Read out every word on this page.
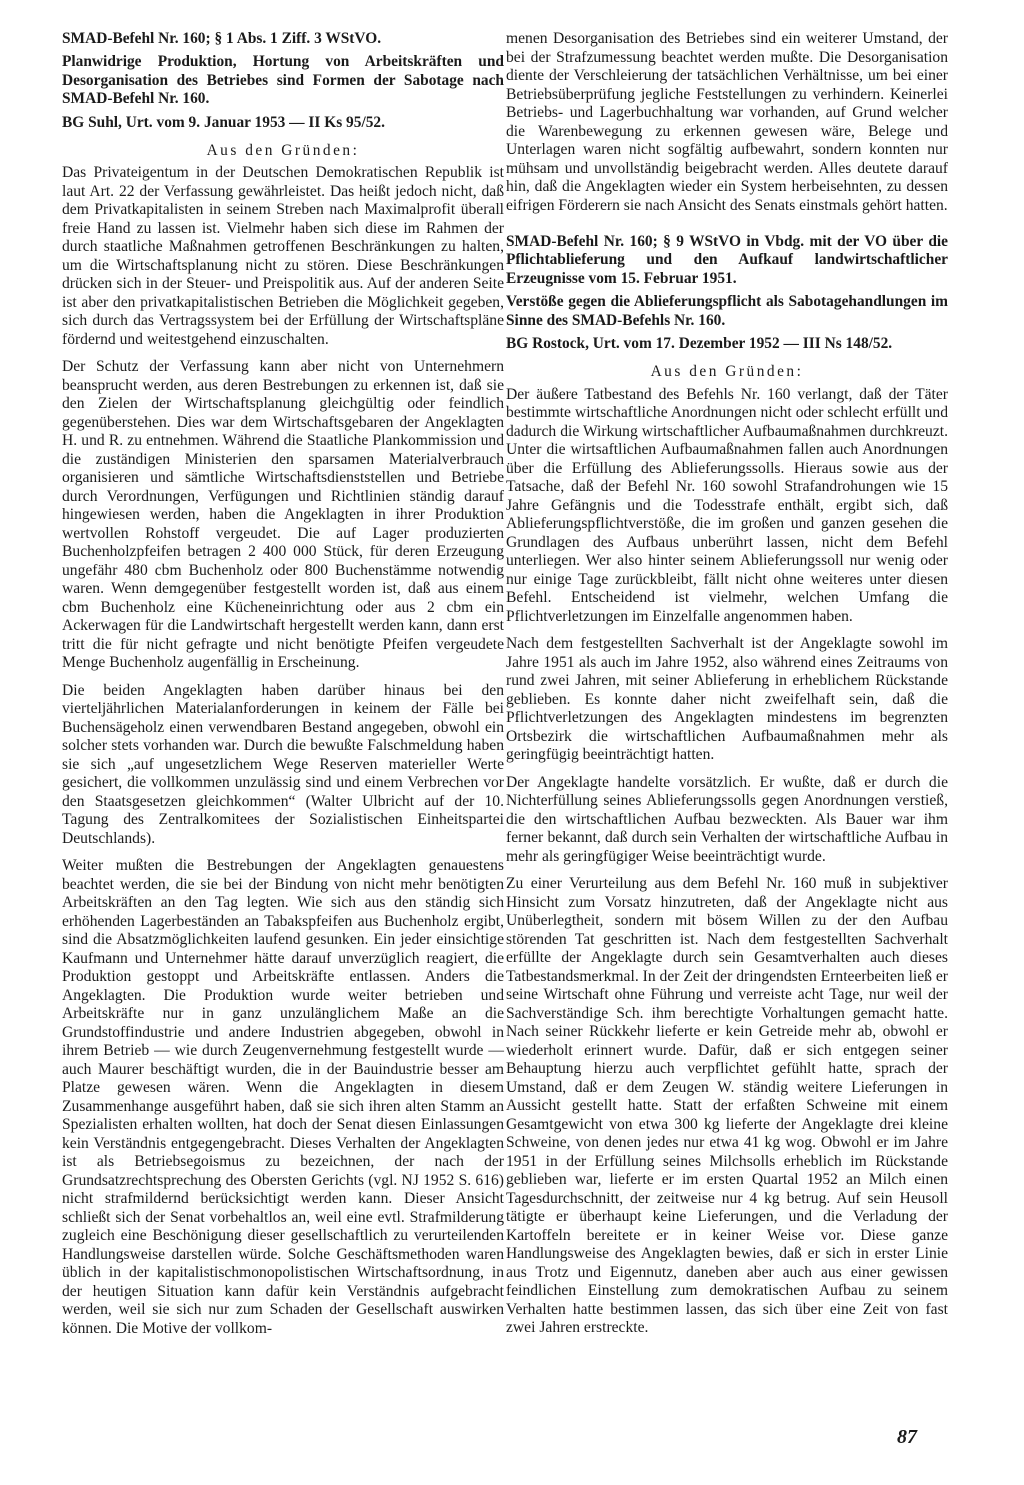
SMAD-Befehl Nr. 160; § 1 Abs. 1 Ziff. 3 WStVO.
Planwidrige Produktion, Hortung von Arbeitskräften und Desorganisation des Betriebes sind Formen der Sabotage nach SMAD-Befehl Nr. 160.
BG Suhl, Urt. vom 9. Januar 1953 — II Ks 95/52.
Aus den Gründen:

Das Privateigentum in der Deutschen Demokratischen Republik ist laut Art. 22 der Verfassung gewährleistet. Das heißt jedoch nicht, daß dem Privatkapitalisten in seinem Streben nach Maximalprofit überall freie Hand zu lassen ist. Vielmehr haben sich diese im Rahmen der durch staatliche Maßnahmen getroffenen Beschränkungen zu halten, um die Wirtschaftsplanung nicht zu stören. Diese Beschränkungen drücken sich in der Steuer- und Preispolitik aus. Auf der anderen Seite ist aber den privatkapitalistischen Betrieben die Möglichkeit gegeben, sich durch das Vertragssystem bei der Erfüllung der Wirtschaftspläne fördernd und weitestgehend einzuschalten.

Der Schutz der Verfassung kann aber nicht von Unternehmern beansprucht werden, aus deren Bestrebungen zu erkennen ist, daß sie den Zielen der Wirtschaftsplanung gleichgültig oder feindlich gegenüberstehen. Dies war dem Wirtschaftsgebaren der Angeklagten H. und R. zu entnehmen. Während die Staatliche Plankommission und die zuständigen Ministerien den sparsamen Materialverbrauch organisieren und sämtliche Wirtschaftsdienststellen und Betriebe durch Verordnungen, Verfügungen und Richtlinien ständig darauf hingewiesen werden, haben die Angeklagten in ihrer Produktion wertvollen Rohstoff vergeudet. Die auf Lager produzierten Buchenholzpfeifen betragen 2 400 000 Stück, für deren Erzeugung ungefähr 480 cbm Buchenholz oder 800 Buchenstämme notwendig waren. Wenn demgegenüber festgestellt worden ist, daß aus einem cbm Buchenholz eine Kücheneinrichtung oder aus 2 cbm ein Ackerwagen für die Landwirtschaft hergestellt werden kann, dann erst tritt die für nicht gefragte und nicht benötigte Pfeifen vergeudete Menge Buchenholz augenfällig in Erscheinung.

Die beiden Angeklagten haben darüber hinaus bei den vierteljährlichen Materialanforderungen in keinem der Fälle bei Buchensägeholz einen verwendbaren Bestand angegeben, obwohl ein solcher stets vorhanden war. Durch die bewußte Falschmeldung haben sie sich „auf ungesetzlichem Wege Reserven materieller Werte gesichert, die vollkommen unzulässig sind und einem Verbrechen vor den Staatsgesetzen gleichkommen“ (Walter Ulbricht auf der 10. Tagung des Zentralkomitees der Sozialistischen Einheitspartei Deutschlands).

Weiter mußten die Bestrebungen der Angeklagten genauestens beachtet werden, die sie bei der Bindung von nicht mehr benötigten Arbeitskräften an den Tag legten. Wie sich aus den ständig sich erhöhenden Lagerbeständen an Tabakspfeifen aus Buchenholz ergibt, sind die Absatzmöglichkeiten laufend gesunken. Ein jeder einsichtige Kaufmann und Unternehmer hätte darauf unverzüglich reagiert, die Produktion gestoppt und Arbeitskräfte entlassen. Anders die Angeklagten. Die Produktion wurde weiter betrieben und Arbeitskräfte nur in ganz unzulänglichem Maße an die Grundstoffindustrie und andere Industrien abgegeben, obwohl in ihrem Betrieb — wie durch Zeugenvernehmung festgestellt wurde — auch Maurer beschäftigt wurden, die in der Bauindustrie besser am Platze gewesen wären. Wenn die Angeklagten in diesem Zusammenhange ausgeführt haben, daß sie sich ihren alten Stamm an Spezialisten erhalten wollten, hat doch der Senat diesen Einlassungen kein Verständnis entgegengebracht. Dieses Verhalten der Angeklagten ist als Betriebsegoismus zu bezeichnen, der nach der Grundsatzrechtsprechung des Obersten Gerichts (vgl. NJ 1952 S. 616) nicht strafmildernd berücksichtigt werden kann. Dieser Ansicht schließt sich der Senat vorbehaltlos an, weil eine evtl. Strafmilderung zugleich eine Beschönigung dieser gesellschaftlich zu verurteilenden Handlungsweise darstellen würde. Solche Geschäftsmethoden waren üblich in der kapitalistischmonopolistischen Wirtschaftsordnung, in der heutigen Situation kann dafür kein Verständnis aufgebracht werden, weil sie sich nur zum Schaden der Gesellschaft auswirken können. Die Motive der vollkom-

menen Desorganisation des Betriebes sind ein weiterer Umstand, der bei der Strafzumessung beachtet werden mußte. Die Desorganisation diente der Verschleierung der tatsächlichen Verhältnisse, um bei einer Betriebsüberprüfung jegliche Feststellungen zu verhindern. Keinerlei Betriebs- und Lagerbuchhaltung war vorhanden, auf Grund welcher die Warenbewegung zu erkennen gewesen wäre, Belege und Unterlagen waren nicht sogfältig aufbewahrt, sondern konnten nur mühsam und unvollständig beigebracht werden. Alles deutete darauf hin, daß die Angeklagten wieder ein System herbeisehnten, zu dessen eifrigen Förderern sie nach Ansicht des Senats einstmals gehört hatten.

SMAD-Befehl Nr. 160; § 9 WStVO in Vbdg. mit der VO über die Pflichtablieferung und den Aufkauf landwirtschaftlicher Erzeugnisse vom 15. Februar 1951.
Verstöße gegen die Ablieferungspflicht als Sabotagehandlungen im Sinne des SMAD-Befehls Nr. 160.
BG Rostock, Urt. vom 17. Dezember 1952 — III Ns 148/52.
Aus den Gründen:

Der äußere Tatbestand des Befehls Nr. 160 verlangt, daß der Täter bestimmte wirtschaftliche Anordnungen nicht oder schlecht erfüllt und dadurch die Wirkung wirtschaftlicher Aufbaumaßnahmen durchkreuzt. Unter die wirtsaftlichen Aufbaumaßnahmen fallen auch Anordnungen über die Erfüllung des Ablieferungssolls. Hieraus sowie aus der Tatsache, daß der Befehl Nr. 160 sowohl Strafandrohungen wie 15 Jahre Gefängnis und die Todesstrafe enthält, ergibt sich, daß Ablieferungspflichtverstöße, die im großen und ganzen gesehen die Grundlagen des Aufbaus unberührt lassen, nicht dem Befehl unterliegen. Wer also hinter seinem Ablieferungssoll nur wenig oder nur einige Tage zurückbleibt, fällt nicht ohne weiteres unter diesen Befehl. Entscheidend ist vielmehr, welchen Umfang die Pflichtverletzungen im Einzelfalle angenommen haben.

Nach dem festgestellten Sachverhalt ist der Angeklagte sowohl im Jahre 1951 als auch im Jahre 1952, also während eines Zeitraums von rund zwei Jahren, mit seiner Ablieferung in erheblichem Rückstande geblieben. Es konnte daher nicht zweifelhaft sein, daß die Pflichtverletzungen des Angeklagten mindestens im begrenzten Ortsbezirk die wirtschaftlichen Aufbaumaßnahmen mehr als geringfügig beeinträchtigt hatten.

Der Angeklagte handelte vorsätzlich. Er wußte, daß er durch die Nichterfüllung seines Ablieferungssolls gegen Anordnungen verstieß, die den wirtschaftlichen Aufbau bezweckten. Als Bauer war ihm ferner bekannt, daß durch sein Verhalten der wirtschaftliche Aufbau in mehr als geringfügiger Weise beeinträchtigt wurde.

Zu einer Verurteilung aus dem Befehl Nr. 160 muß in subjektiver Hinsicht zum Vorsatz hinzutreten, daß der Angeklagte nicht aus Unüberlegtheit, sondern mit bösem Willen zu der den Aufbau störenden Tat geschritten ist. Nach dem festgestellten Sachverhalt erfüllte der Angeklagte durch sein Gesamtverhalten auch dieses Tatbestandsmerkmal. In der Zeit der dringendsten Ernteerbeiten ließ er seine Wirtschaft ohne Führung und verreiste acht Tage, nur weil der Sachverständige Sch. ihm berechtigte Vorhaltungen gemacht hatte. Nach seiner Rückkehr lieferte er kein Getreide mehr ab, obwohl er wiederholt erinnert wurde. Dafür, daß er sich entgegen seiner Behauptung hierzu auch verpflichtet gefühlt hatte, sprach der Umstand, daß er dem Zeugen W. ständig weitere Lieferungen in Aussicht gestellt hatte. Statt der erfaßten Schweine mit einem Gesamtgewicht von etwa 300 kg lieferte der Angeklagte drei kleine Schweine, von denen jedes nur etwa 41 kg wog. Obwohl er im Jahre 1951 in der Erfüllung seines Milchsolls erheblich im Rückstande geblieben war, lieferte er im ersten Quartal 1952 an Milch einen Tagesdurchschnitt, der zeitweise nur 4 kg betrug. Auf sein Heusoll tätigte er überhaupt keine Lieferungen, und die Verladung der Kartoffeln bereitete er in keiner Weise vor. Diese ganze Handlungsweise des Angeklagten bewies, daß er sich in erster Linie aus Trotz und Eigennutz, daneben aber auch aus einer gewissen feindlichen Einstellung zum demokratischen Aufbau zu seinem Verhalten hatte bestimmen lassen, das sich über eine Zeit von fast zwei Jahren erstreckte.

87
